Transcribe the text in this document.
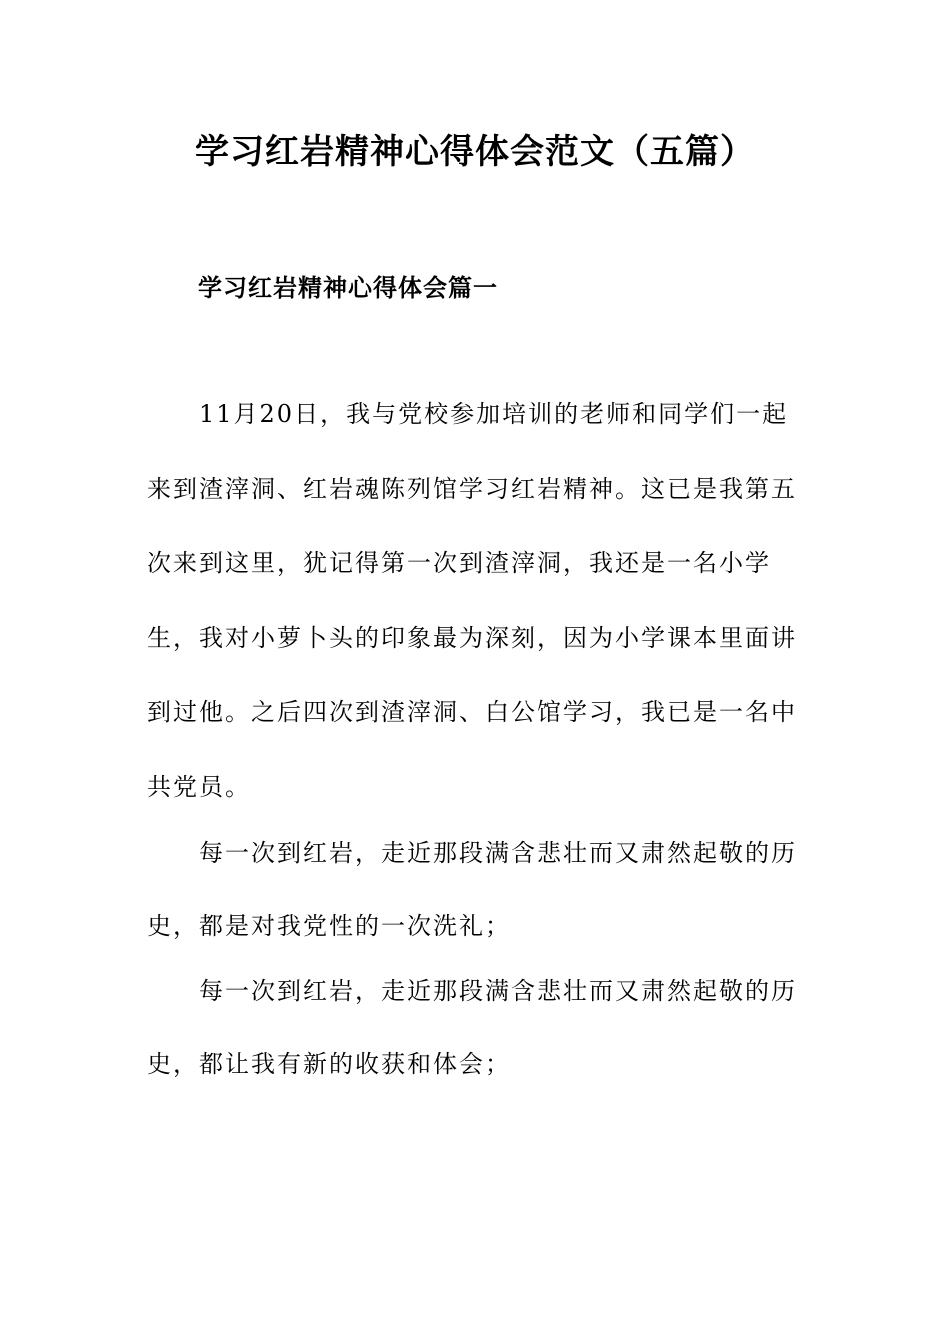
学习红岩精神心得体会范文（五篇）
学习红岩精神心得体会篇一

11月20日，我与党校参加培训的老师和同学们一起来到渣滓洞、红岩魂陈列馆学习红岩精神。这已是我第五次来到这里，犹记得第一次到渣滓洞，我还是一名小学生，我对小萝卜头的印象最为深刻，因为小学课本里面讲到过他。之后四次到渣滓洞、白公馆学习，我已是一名中共党员。

每一次到红岩，走近那段满含悲壮而又肃然起敬的历史，都是对我党性的一次洗礼；

每一次到红岩，走近那段满含悲壮而又肃然起敬的历史，都让我有新的收获和体会；
